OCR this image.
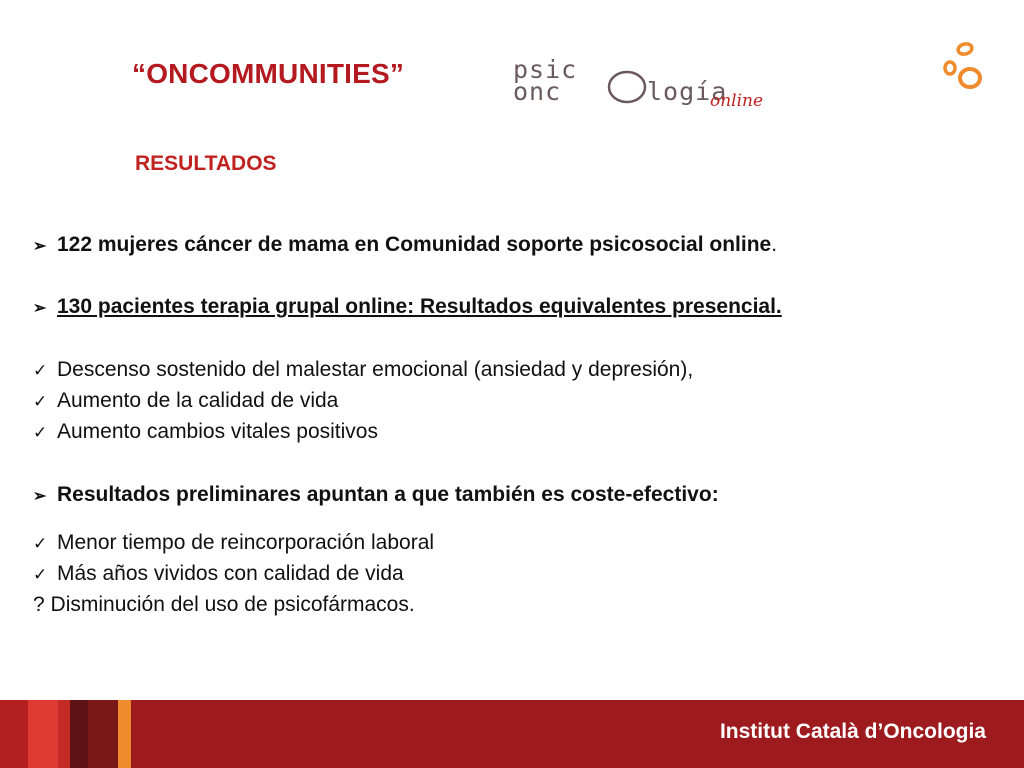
“ONCOMMUNITIES”	psic
onc	logía
online
RESULTADOS
➢ 122 mujeres cáncer de mama en Comunidad soporte psicosocial online.
➢ 130 pacientes terapia grupal online: Resultados equivalentes presencial.
✓ Descenso sostenido del malestar emocional (ansiedad y depresión),
✓ Aumento de la calidad de vida
✓ Aumento cambios vitales positivos
➢ Resultados preliminares apuntan a que también es coste-efectivo:
✓ Menor tiempo de reincorporación laboral
✓ Más años vividos con calidad de vida
? Disminución del uso de psicofármacos.
Institut Català d’Oncologia
